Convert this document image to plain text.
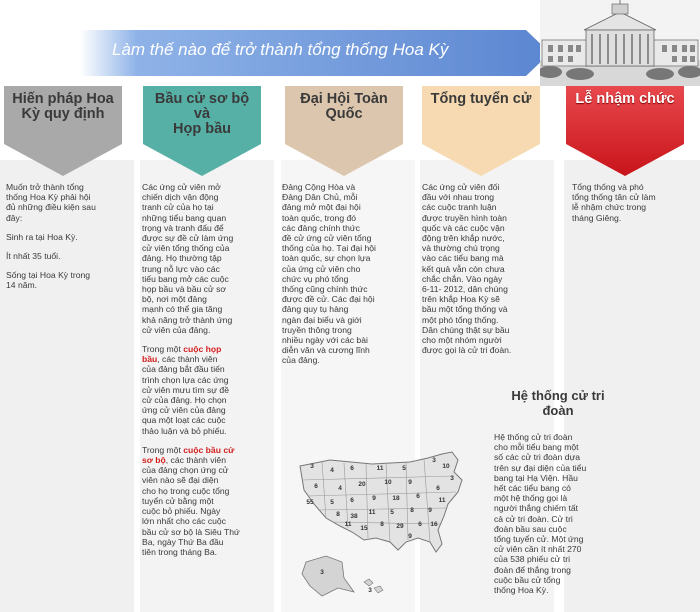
Làm thế nào để trở thành tổng thống Hoa Kỳ
Hiến pháp Hoa
Kỳ quy định
Bầu cử sơ bộ
và
Họp bầu
Đại Hội Toàn
Quốc
Tổng tuyển cử	Lễ nhậm chức

Muốn trở thành tổng
thống Hoa Kỳ phải hội
đủ những điều kiện sau
đây:

Sinh ra tại Hoa Kỳ.

Ít nhất 35 tuổi.

Sống tại Hoa Kỳ trong
14 năm.

Các ứng cử viên mở
chiến dịch vận động
tranh cử của họ tại
những tiểu bang quan
trọng và tranh đấu để
được sự đề cử làm ứng
cử viên tổng thống của
đảng. Họ thường tập
trung nỗ lực vào các
tiểu bang mở các cuộc
họp bầu và bầu cử sơ
bộ, nơi một đảng
mạnh có thể gia tăng
khả năng trở thành ứng
cử viên của đảng.

Trong một cuộc họp
bầu, các thành viên
của đảng bắt đầu tiến
trình chọn lựa các ứng
cử viên mưu tìm sự đề
cử của đảng. Họ chọn
ứng cử viên của đảng
qua một loạt các cuộc
thảo luận và bỏ phiếu.

Trong một cuộc bầu cử
sơ bộ, các thành viên
của đảng chọn ứng cử
viên nào sẽ đại diện
cho họ trong cuộc tổng
tuyển cử bằng một
cuộc bỏ phiếu. Ngày
lớn nhất cho các cuộc
bầu cử sơ bộ là Siêu Thứ
Ba, ngày Thứ Ba đầu
tiên trong tháng Ba.

Đảng Cộng Hòa và
Đảng Dân Chủ, mỗi
đảng mở một đại hội
toàn quốc, trong đó
các đảng chính thức
đề cử ứng cử viên tổng
thống của họ. Tại đại hội
toàn quốc, sự chọn lựa
của ứng cử viên cho
chức vụ phó tổng
thống cũng chính thức
được đề cử. Các đại hội
đảng quy tụ hàng
ngàn đại biểu và giới
truyền thông trong
nhiều ngày với các bài
diễn văn và cương lĩnh
của đảng.

Các ứng cử viên đối
đầu với nhau trong
các cuộc tranh luận
được truyền hình toàn
quốc và các cuộc vận
động trên khắp nước,
và thường chú trọng
vào các tiểu bang mà
kết quả vẫn còn chưa
chắc chắn. Vào ngày
6-11- 2012, dân chúng
trên khắp Hoa Kỳ sẽ
bầu một tổng thống và
một phó tổng thống.
Dân chúng thật sự bầu
cho một nhóm người
được gọi là cử tri đoàn.

Tổng thống và phó
tổng thống tân cử làm
lễ nhậm chức trong
tháng Giêng.

Hệ thống cử tri
đoàn
Hệ thống cử tri đoàn
cho mỗi tiểu bang một
số các cử tri đoàn dựa
trên sự đại diện của tiểu
bang tại Hạ Viện. Hầu
hết các tiểu bang có
một hệ thống gọi là
người thắng chiếm tất
cả cử tri đoàn. Cử tri
đoàn bầu sau cuộc
tổng tuyển cử. Một ứng
cử viên cần ít nhất 270
của 538 phiếu cử tri
đoàn để thắng trong
cuộc bầu cử tổng
thống Hoa Kỳ.
3
4	6	11	5
3
10
6	4
20	10	9
55	5	6	9	18	6
6
11
9
8
5
11
38
8
29
8	6 16
15
11
9
3
3
3
